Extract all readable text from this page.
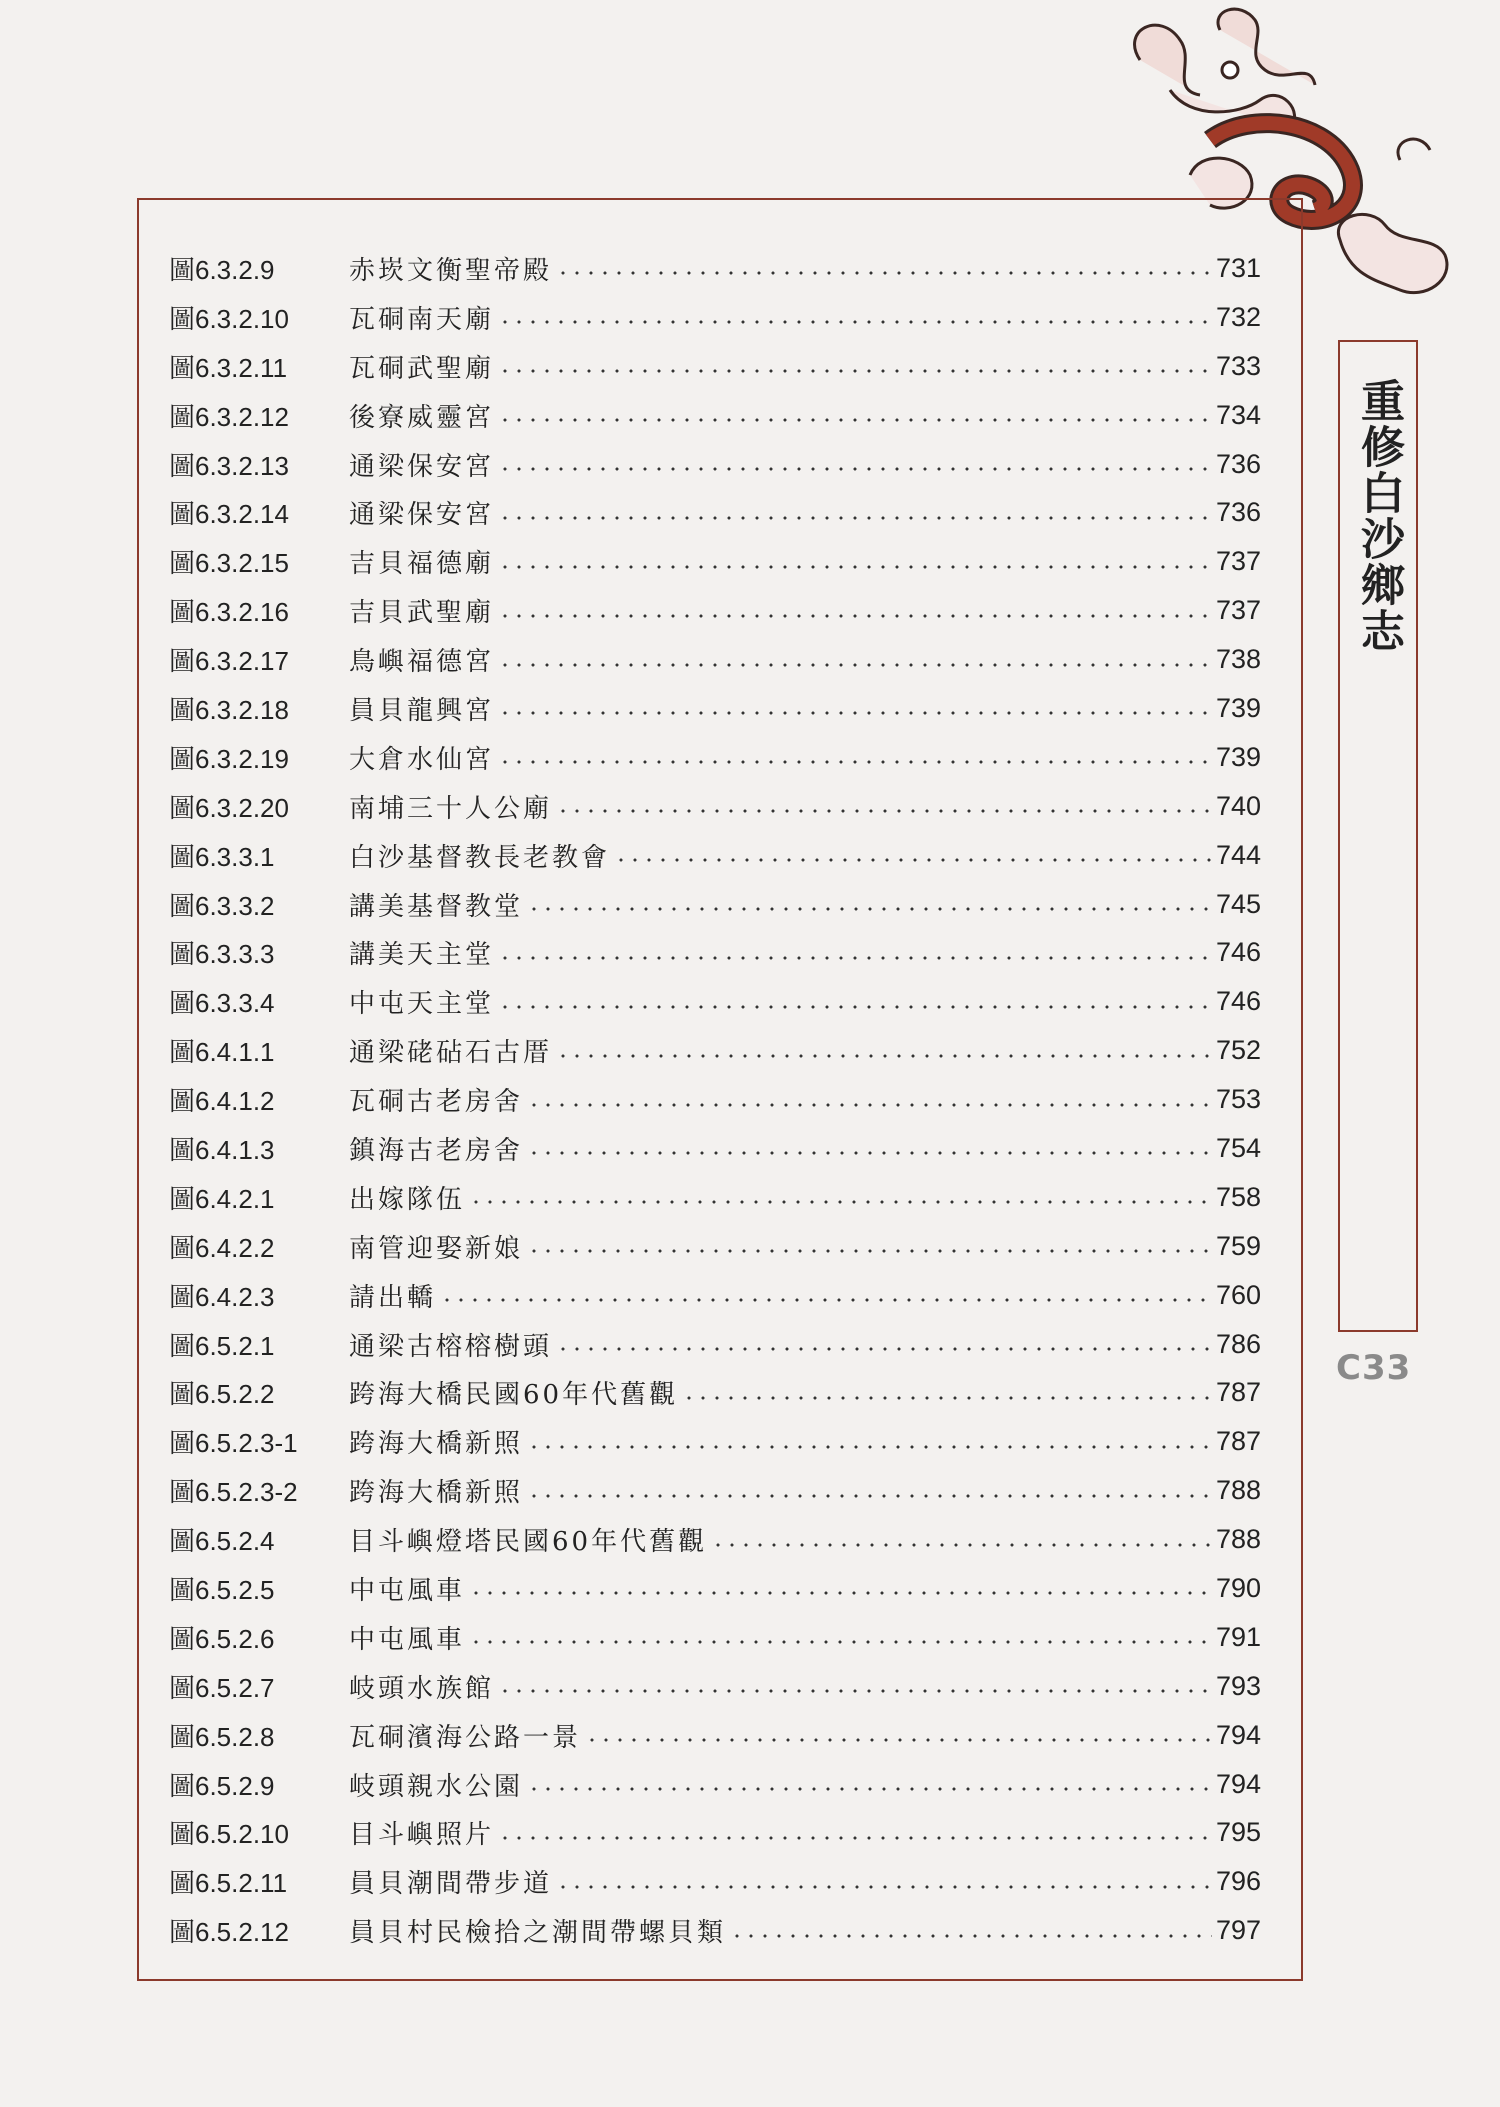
圖6.3.2.9	赤崁文衡聖帝殿	731
圖6.3.2.10	瓦硐南天廟	732
圖6.3.2.11	瓦硐武聖廟	733
圖6.3.2.12	後寮威靈宮	734
圖6.3.2.13	通梁保安宮	736
圖6.3.2.14	通梁保安宮	736
圖6.3.2.15	吉貝福德廟	737
圖6.3.2.16	吉貝武聖廟	737
圖6.3.2.17	鳥嶼福德宮	738
圖6.3.2.18	員貝龍興宮	739
圖6.3.2.19	大倉水仙宮	739
圖6.3.2.20	南埔三十人公廟	740
圖6.3.3.1	白沙基督教長老教會	744
圖6.3.3.2	講美基督教堂	745
圖6.3.3.3	講美天主堂	746
圖6.3.3.4	中屯天主堂	746
圖6.4.1.1	通梁硓砧石古厝	752
圖6.4.1.2	瓦硐古老房舍	753
圖6.4.1.3	鎮海古老房舍	754
圖6.4.2.1	出嫁隊伍	758
圖6.4.2.2	南管迎娶新娘	759
圖6.4.2.3	請出轎	760
圖6.5.2.1	通梁古榕榕樹頭	786
圖6.5.2.2	跨海大橋民國60年代舊觀	787
圖6.5.2.3-1	跨海大橋新照	787
圖6.5.2.3-2	跨海大橋新照	788
圖6.5.2.4	目斗嶼燈塔民國60年代舊觀	788
圖6.5.2.5	中屯風車	790
圖6.5.2.6	中屯風車	791
圖6.5.2.7	岐頭水族館	793
圖6.5.2.8	瓦硐濱海公路一景	794
圖6.5.2.9	岐頭親水公園	794
圖6.5.2.10	目斗嶼照片	795
圖6.5.2.11	員貝潮間帶步道	796
圖6.5.2.12	員貝村民檢拾之潮間帶螺貝類	797
重修白沙鄉志
C33
